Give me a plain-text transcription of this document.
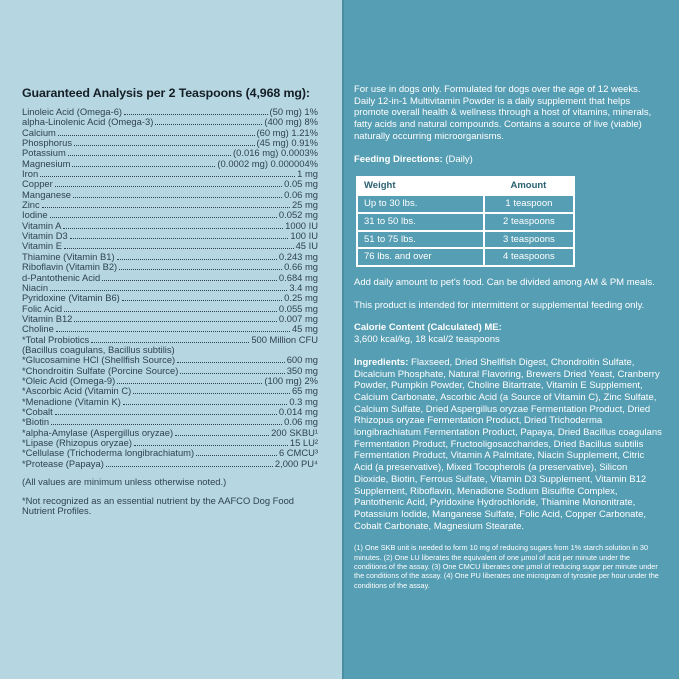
Guaranteed Analysis per 2 Teaspoons (4,968 mg):
Linoleic Acid (Omega-6)	(50 mg) 1%
alpha-Linolenic Acid (Omega-3)	(400 mg) 8%
Calcium	(60 mg) 1.21%
Phosphorus	(45 mg) 0.91%
Potassium	(0.016 mg) 0.0003%
Magnesium	(0.0002 mg) 0.000004%
Iron	1 mg
Copper	0.05 mg
Manganese	0.06 mg
Zinc	25 mg
Iodine	0.052 mg
Vitamin A	1000 IU
Vitamin D3	100 IU
Vitamin E	45 IU
Thiamine (Vitamin B1)	0.243 mg
Riboflavin (Vitamin B2)	0.66 mg
d-Pantothenic Acid	0.684 mg
Niacin	3.4 mg
Pyridoxine (Vitamin B6)	0.25 mg
Folic Acid	0.055 mg
Vitamin B12	0.007 mg
Choline	45 mg
*Total Probiotics	500 Million CFU
(Bacillus coagulans, Bacillus subtilis)
*Glucosamine HCl (Shellfish Source)	600 mg
*Chondroitin Sulfate (Porcine Source)	350 mg
*Oleic Acid (Omega-9)	(100 mg) 2%
*Ascorbic Acid (Vitamin C)	65 mg
*Menadione (Vitamin K)	0.3 mg
*Cobalt	0.014 mg
*Biotin	0.06 mg
*alpha-Amylase (Aspergillus oryzae)	200 SKBU¹
*Lipase (Rhizopus oryzae)	15 LU²
*Cellulase (Trichoderma longibrachiatum)	6 CMCU³
*Protease (Papaya)	2,000 PU⁴
(All values are minimum unless otherwise noted.)
*Not recognized as an essential nutrient by the AAFCO Dog Food Nutrient Profiles.

For use in dogs only. Formulated for dogs over the age of 12 weeks. Daily 12-in-1 Multivitamin Powder is a daily supplement that helps promote overall health & wellness through a host of vitamins, minerals, fatty acids and natural compounds. Contains a source of live (viable) naturally occurring microorganisms.

Feeding Directions: (Daily)

Weight	Amount
Up to 30 lbs.	1 teaspoon
31 to 50 lbs.	2 teaspoons
51 to 75 lbs.	3 teaspoons
76 lbs. and over	4 teaspoons

Add daily amount to pet's food. Can be divided among AM & PM meals.

This product is intended for intermittent or supplemental feeding only.

Calorie Content (Calculated) ME:

3,600 kcal/kg, 18 kcal/2 teaspoons

Ingredients: Flaxseed, Dried Shellfish Digest, Chondroitin Sulfate, Dicalcium Phosphate, Natural Flavoring, Brewers Dried Yeast, Cranberry Powder, Pumpkin Powder, Choline Bitartrate, Vitamin E Supplement, Calcium Carbonate, Ascorbic Acid (a Source of Vitamin C), Zinc Sulfate, Calcium Sulfate, Dried Aspergillus oryzae Fermentation Product, Dried Rhizopus oryzae Fermentation Product, Dried Trichoderma longibrachiatum Fermentation Product, Papaya, Dried Bacillus coagulans Fermentation Product, Fructooligosaccharides, Dried Bacillus subtilis Fermentation Product, Vitamin A Palmitate, Niacin Supplement, Citric Acid (a preservative), Mixed Tocopherols (a preservative), Silicon Dioxide, Biotin, Ferrous Sulfate, Vitamin D3 Supplement, Vitamin B12 Supplement, Riboflavin, Menadione Sodium Bisulfite Complex, Pantothenic Acid, Pyridoxine Hydrochloride, Thiamine Mononitrate, Potassium Iodide, Manganese Sulfate, Folic Acid, Copper Carbonate, Cobalt Carbonate, Magnesium Stearate.

(1) One SKB unit is needed to form 10 mg of reducing sugars from 1% starch solution in 30 minutes. (2) One LU liberates the equivalent of one µmol of acid per minute under the conditions of the assay. (3) One CMCU liberates one µmol of reducing sugar per minute under the conditions of the assay. (4) One PU liberates one microgram of tyrosine per hour under the conditions of the assay.
